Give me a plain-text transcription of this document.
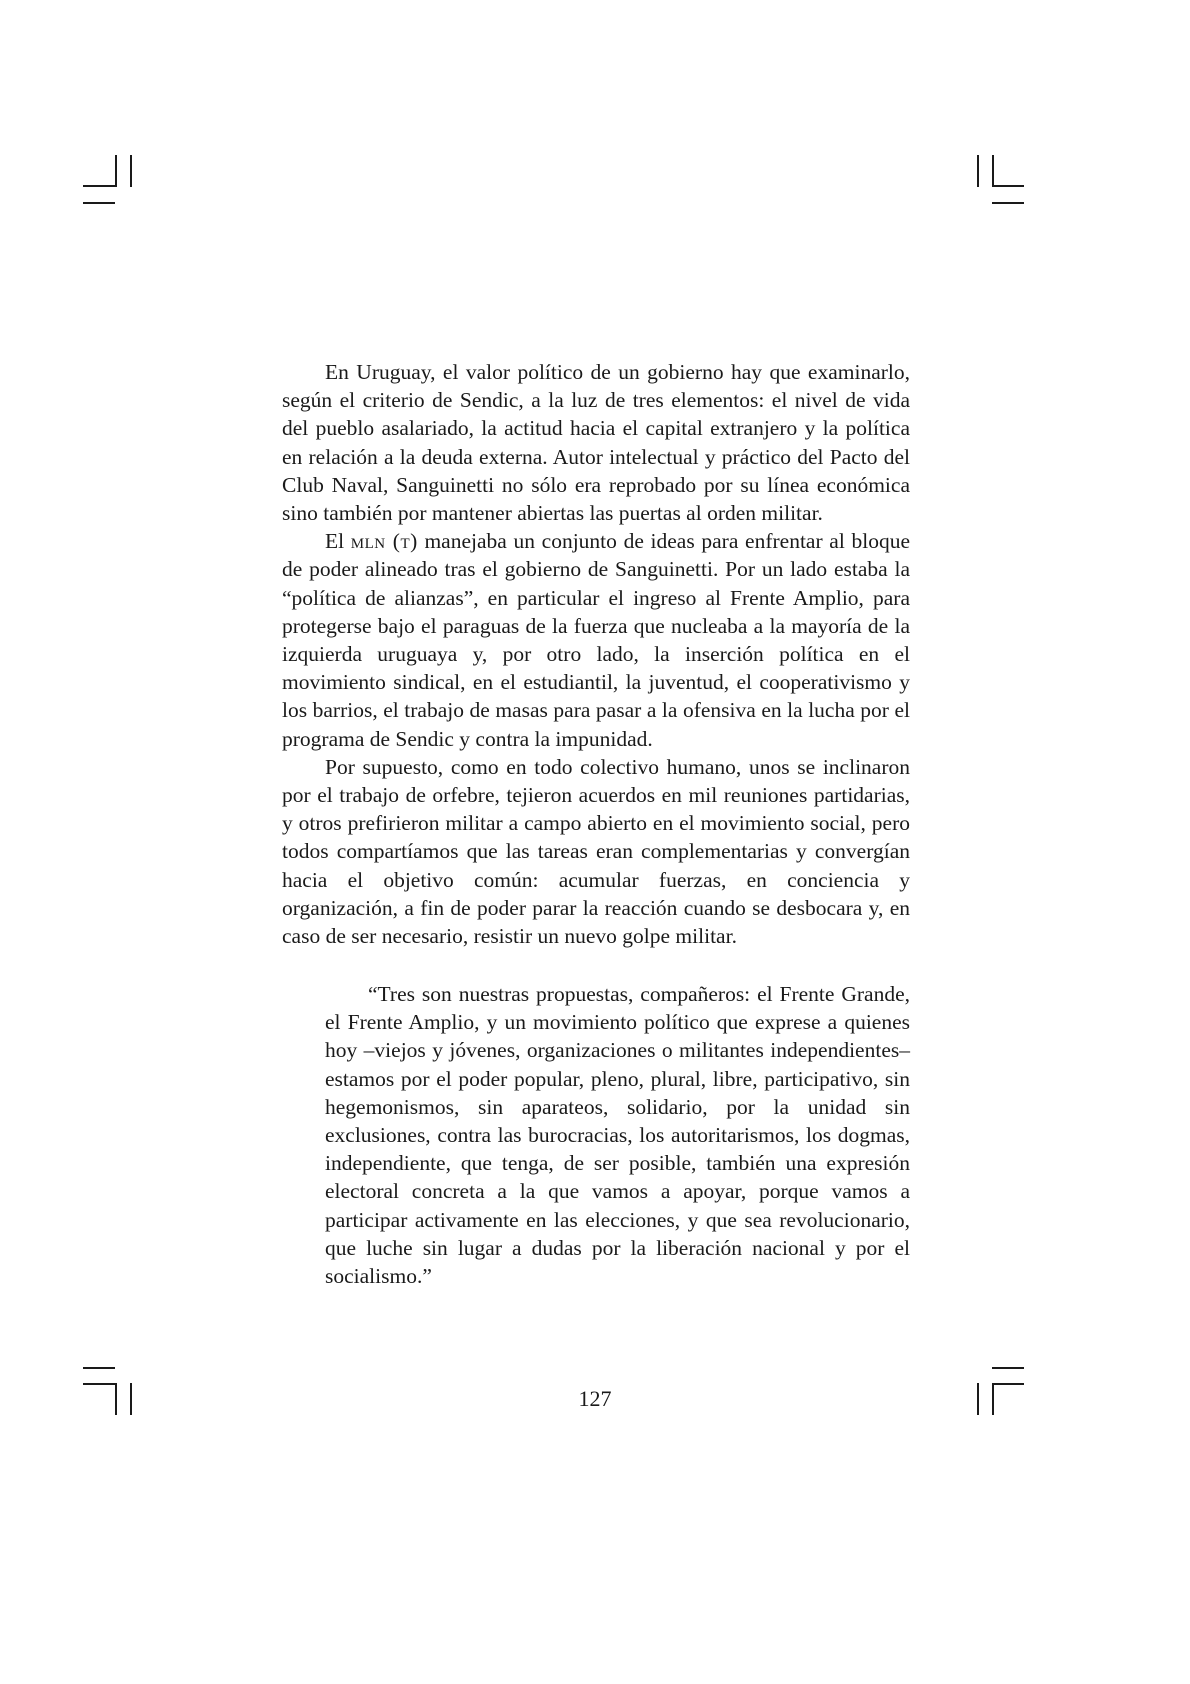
En Uruguay, el valor político de un gobierno hay que examinarlo, según el criterio de Sendic, a la luz de tres elementos: el nivel de vida del pueblo asalariado, la actitud hacia el capital extranjero y la política en relación a la deuda externa. Autor intelectual y práctico del Pacto del Club Naval, Sanguinetti no sólo era reprobado por su línea económica sino también por mantener abiertas las puertas al orden militar.

El mln (t) manejaba un conjunto de ideas para enfrentar al bloque de poder alineado tras el gobierno de Sanguinetti. Por un lado estaba la “política de alianzas”, en particular el ingreso al Frente Amplio, para protegerse bajo el paraguas de la fuerza que nucleaba a la mayoría de la izquierda uruguaya y, por otro lado, la inserción política en el movimiento sindical, en el estudiantil, la juventud, el cooperativismo y los barrios, el trabajo de masas para pasar a la ofensiva en la lucha por el programa de Sendic y contra la impunidad.

Por supuesto, como en todo colectivo humano, unos se inclinaron por el trabajo de orfebre, tejieron acuerdos en mil reuniones partidarias, y otros prefirieron militar a campo abierto en el movimiento social, pero todos compartíamos que las tareas eran complementarias y convergían hacia el objetivo común: acumular fuerzas, en conciencia y organización, a fin de poder parar la reacción cuando se desbocara y, en caso de ser necesario, resistir un nuevo golpe militar.

“Tres son nuestras propuestas, compañeros: el Frente Grande, el Frente Amplio, y un movimiento político que exprese a quienes hoy –viejos y jóvenes, organizaciones o militantes independientes– estamos por el poder popular, pleno, plural, libre, participativo, sin hegemonismos, sin aparateos, solidario, por la unidad sin exclusiones, contra las burocracias, los autoritarismos, los dogmas, independiente, que tenga, de ser posible, también una expresión electoral concreta a la que vamos a apoyar, porque vamos a participar activamente en las elecciones, y que sea revolucionario, que luche sin lugar a dudas por la liberación nacional y por el socialismo.”

127
